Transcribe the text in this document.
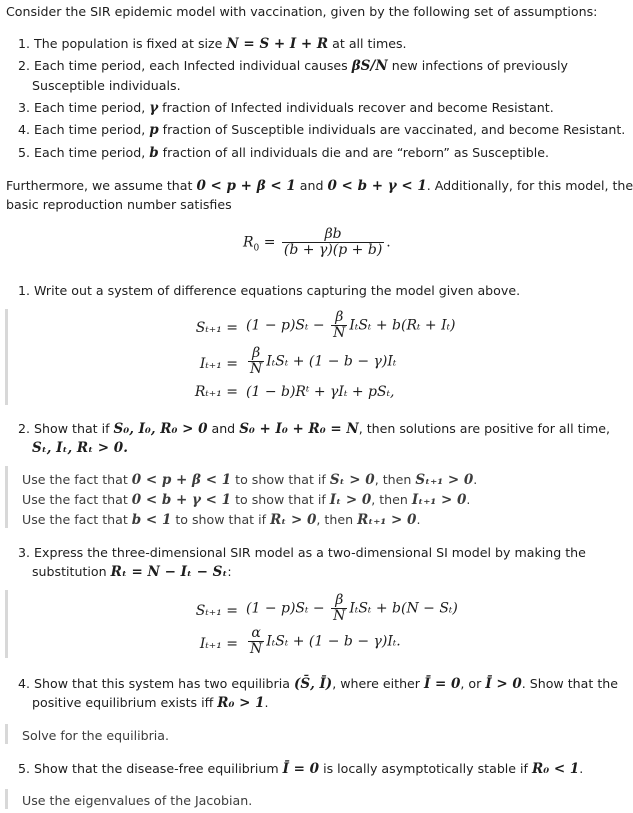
Consider the SIR epidemic model with vaccination, given by the following set of assumptions:
1. The population is fixed at size N = S + I + R at all times.
2. Each time period, each Infected individual causes βS/N new infections of previously
Susceptible individuals.
3. Each time period, γ fraction of Infected individuals recover and become Resistant.
4. Each time period, p fraction of Susceptible individuals are vaccinated, and become Resistant.
5. Each time period, b fraction of all individuals die and are “reborn” as Susceptible.
Furthermore, we assume that 0 < p + β < 1 and 0 < b + γ < 1. Additionally, for this model, the
basic reproduction number satisfies
$R_0 = \frac{\beta b}{(b + \gamma)(p + b)}$ .
1. Write out a system of difference equations capturing the model given above.
$S_{t+1} = (1 - p)S_t - \frac{\beta}{N}$ IₜSₜ + b(Rₜ + Iₜ)
$I_{t+1} = \frac{\beta}{N}$ IₜSₜ + (1 − b − γ)Iₜ
Rₜ₊₁ = (1 − b)Rᵗ + γIₜ + pSₜ,
2. Show that if S₀, I₀, R₀ > 0 and S₀ + I₀ + R₀ = N, then solutions are positive for all time,
Sₜ, Iₜ, Rₜ > 0.
Use the fact that 0 < p + β < 1 to show that if Sₜ > 0, then Sₜ₊₁ > 0.
Use the fact that 0 < b + γ < 1 to show that if Iₜ > 0, then Iₜ₊₁ > 0.
Use the fact that b < 1 to show that if Rₜ > 0, then Rₜ₊₁ > 0.
3. Express the three-dimensional SIR model as a two-dimensional SI model by making the
substitution Rₜ = N − Iₜ − Sₜ:
$S_{t+1} = (1 - p)S_t - \frac{\beta}{N}$ IₜSₜ + b(N − Sₜ)
$I_{t+1} = \frac{\alpha}{N}$ IₜSₜ + (1 − b − γ)Iₜ.
4. Show that this system has two equilibria (S̄, Ī), where either Ī = 0, or Ī > 0. Show that the
positive equilibrium exists iff R₀ > 1.
Solve for the equilibria.
5. Show that the disease-free equilibrium Ī = 0 is locally asymptotically stable if R₀ < 1.
Use the eigenvalues of the Jacobian.
